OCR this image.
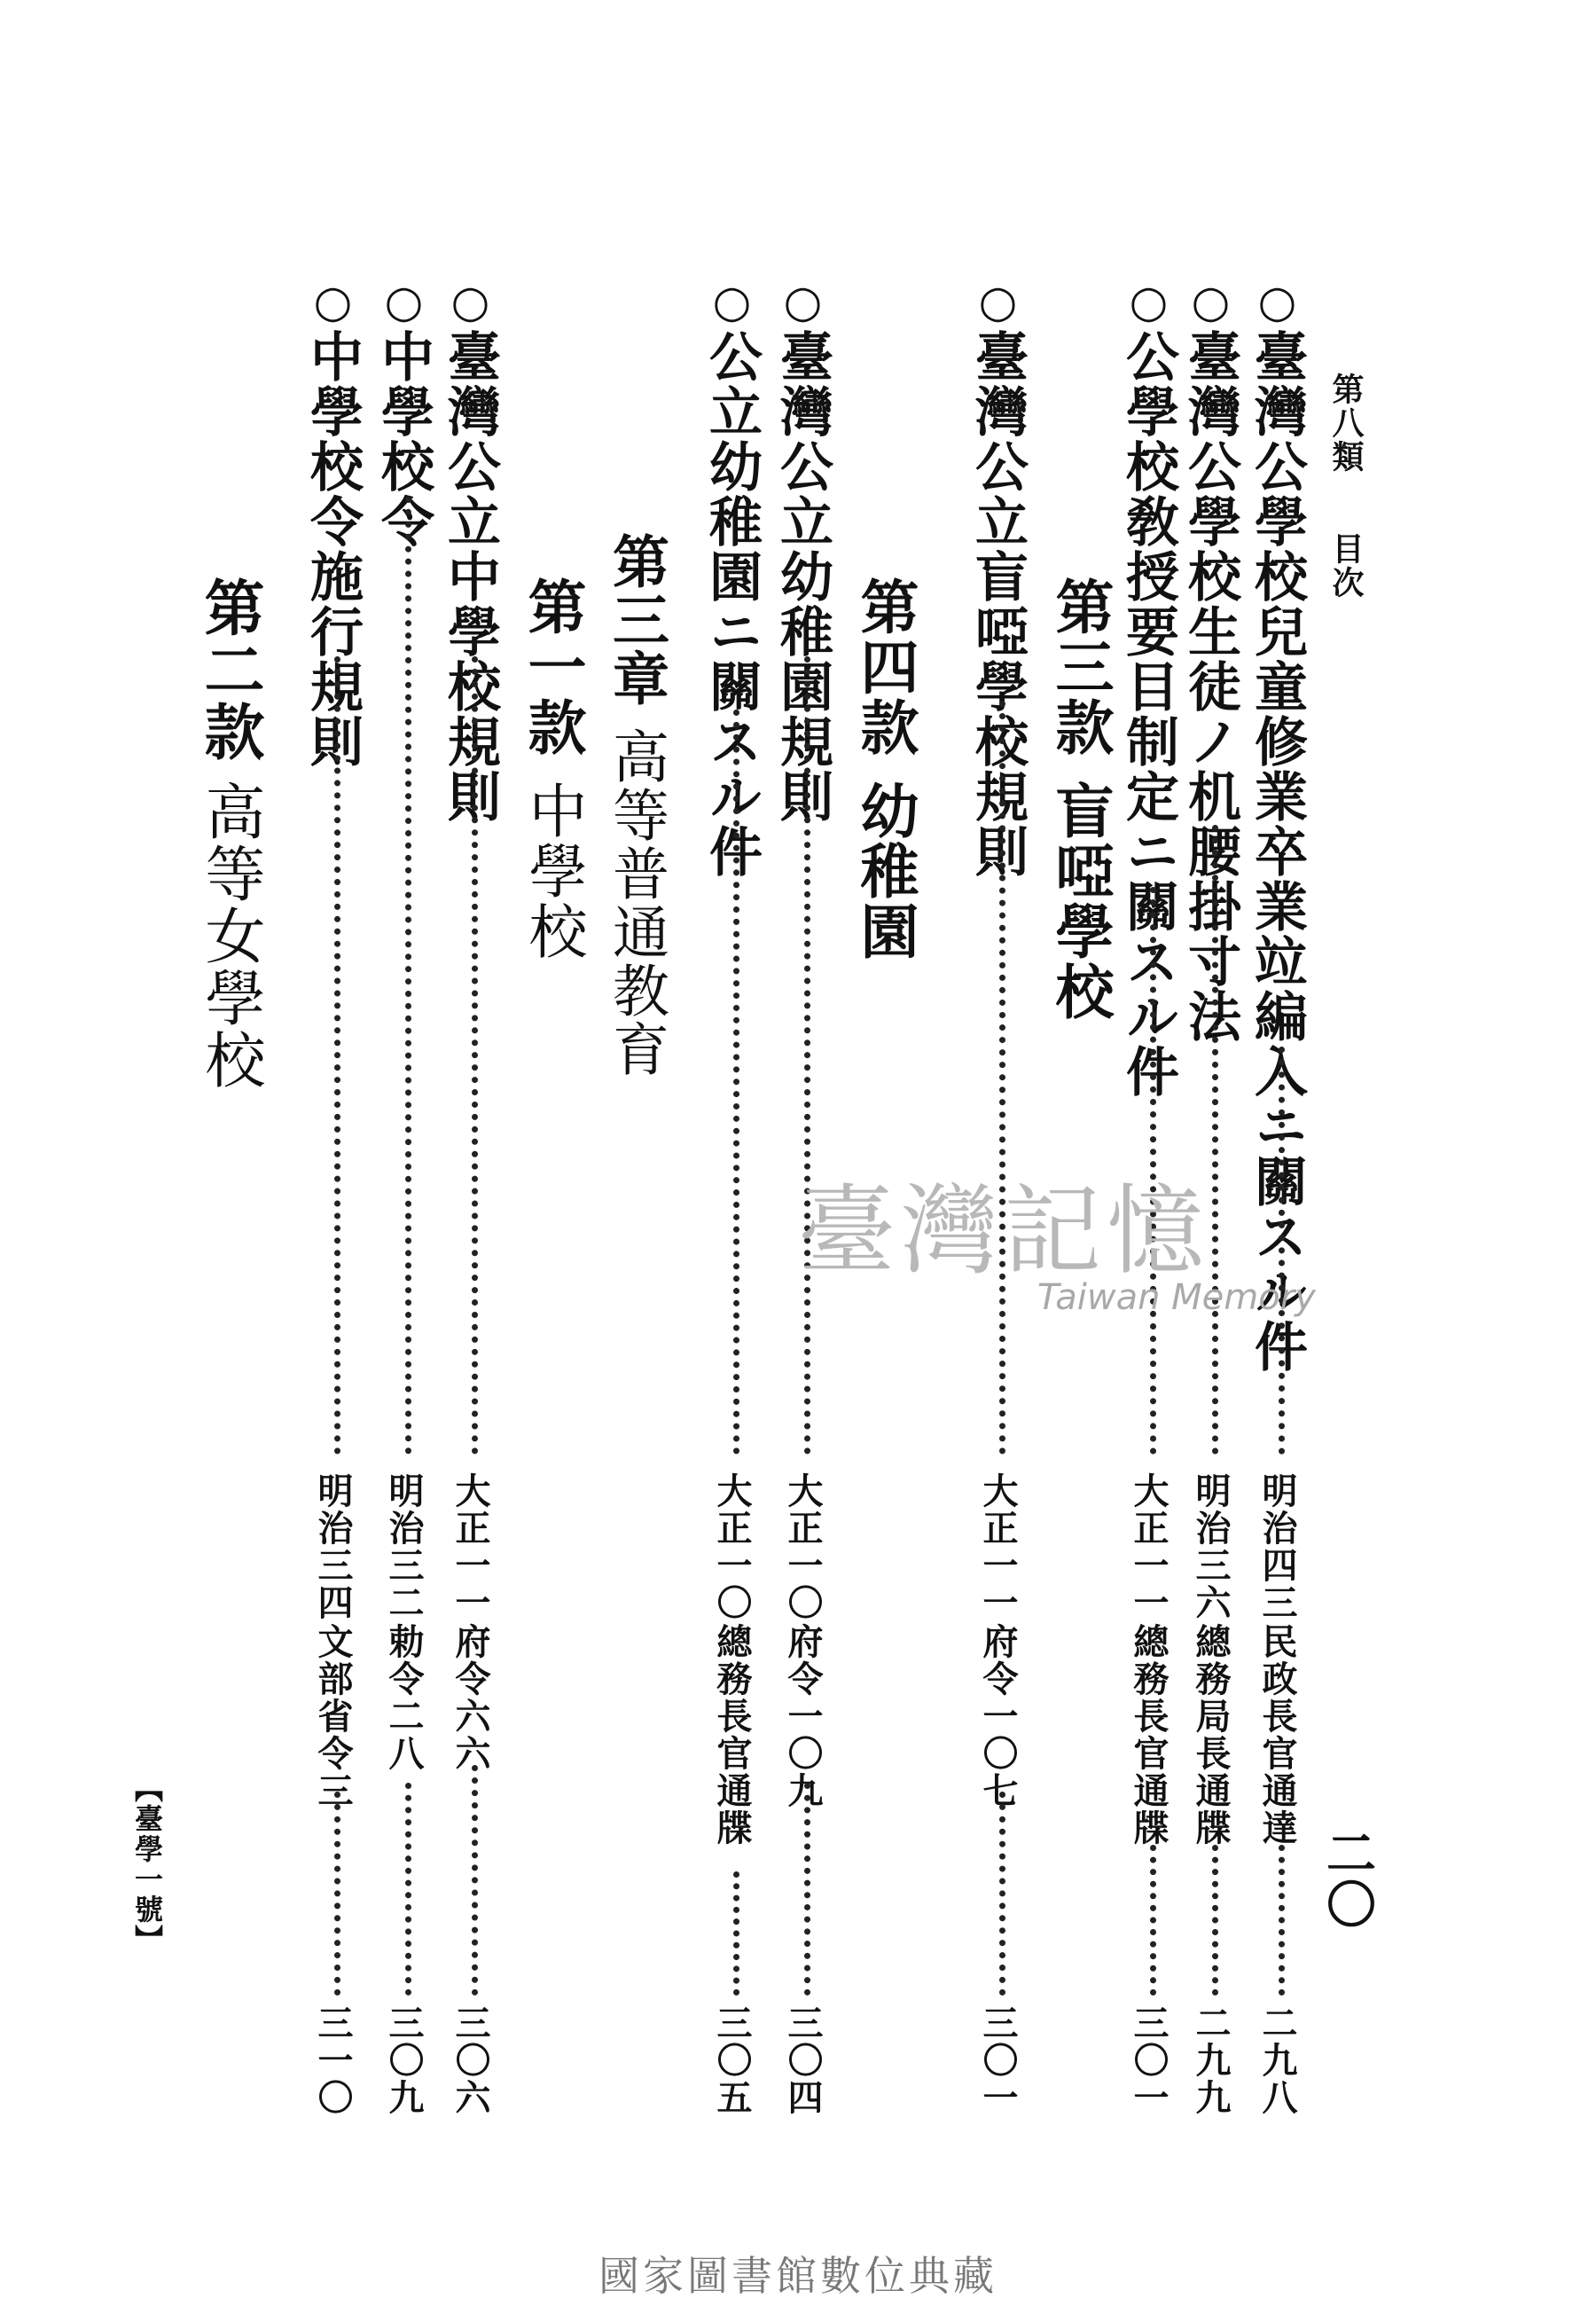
第八類
目次
二〇
○臺灣公學校兒童修業卒業竝編入ニ關スル件
明治四三
民政長官通達
二九八
○臺灣公學校生徒ノ机腰掛寸法
明治三六
總務局長通牒
二九九
○公學校敎授要目制定ニ關スル件
大正一一
總務長官通牒
三〇一
第三款
盲啞學校
○臺灣公立盲啞學校規則
大正一一
府令一〇七
三〇一
第四款
幼稚園
○臺灣公立幼稚園規則
大正一〇
府令一〇九
三〇四
○公立幼稚園ニ關スル件
大正一〇
總務長官通牒
三〇五
第三章
高等普通教育
第一款
中學校
○臺灣公立中學校規則
大正一一
府令六六
三〇六
○中學校令
明治三二
勅令二八
三〇九
○中學校令施行規則
明治三四
文部省令三
三一〇
第二款
高等女學校
【臺學一號】
臺灣記憶
Taiwan Memory
國家圖書館數位典藏
